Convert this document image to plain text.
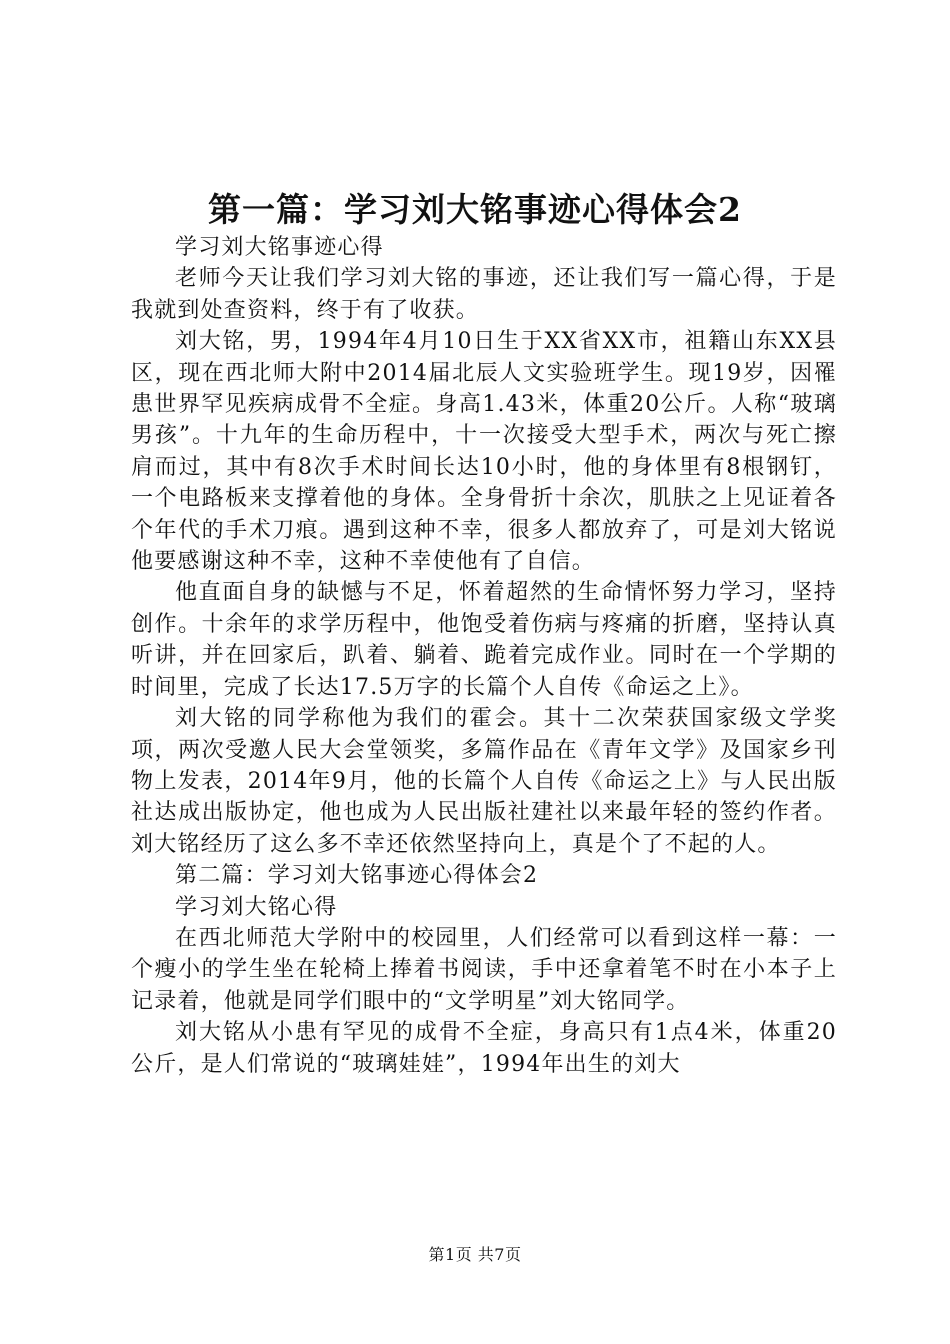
第一篇：学习刘大铭事迹心得体会2

学习刘大铭事迹心得

老师今天让我们学习刘大铭的事迹，还让我们写一篇心得，于是我就到处查资料，终于有了收获。

刘大铭，男，1994年4月10日生于XX省XX市，祖籍山东XX县区，现在西北师大附中2014届北辰人文实验班学生。现19岁，因罹患世界罕见疾病成骨不全症。身高1.43米，体重20公斤。人称“玻璃男孩”。十九年的生命历程中，十一次接受大型手术，两次与死亡擦肩而过，其中有8次手术时间长达10小时，他的身体里有8根钢钉，一个电路板来支撑着他的身体。全身骨折十余次，肌肤之上见证着各个年代的手术刀痕。遇到这种不幸，很多人都放弃了，可是刘大铭说他要感谢这种不幸，这种不幸使他有了自信。

他直面自身的缺憾与不足，怀着超然的生命情怀努力学习，坚持创作。十余年的求学历程中，他饱受着伤病与疼痛的折磨，坚持认真听讲，并在回家后，趴着、躺着、跪着完成作业。同时在一个学期的时间里，完成了长达17.5万字的长篇个人自传《命运之上》。

刘大铭的同学称他为我们的霍会。其十二次荣获国家级文学奖项，两次受邀人民大会堂领奖，多篇作品在《青年文学》及国家乡刊物上发表，2014年9月，他的长篇个人自传《命运之上》与人民出版社达成出版协定，他也成为人民出版社建社以来最年轻的签约作者。刘大铭经历了这么多不幸还依然坚持向上，真是个了不起的人。

第二篇：学习刘大铭事迹心得体会2

学习刘大铭心得

在西北师范大学附中的校园里，人们经常可以看到这样一幕：一个瘦小的学生坐在轮椅上捧着书阅读，手中还拿着笔不时在小本子上记录着，他就是同学们眼中的“文学明星”刘大铭同学。

刘大铭从小患有罕见的成骨不全症，身高只有1点4米，体重20公斤，是人们常说的“玻璃娃娃”，1994年出生的刘大

第1页 共7页
